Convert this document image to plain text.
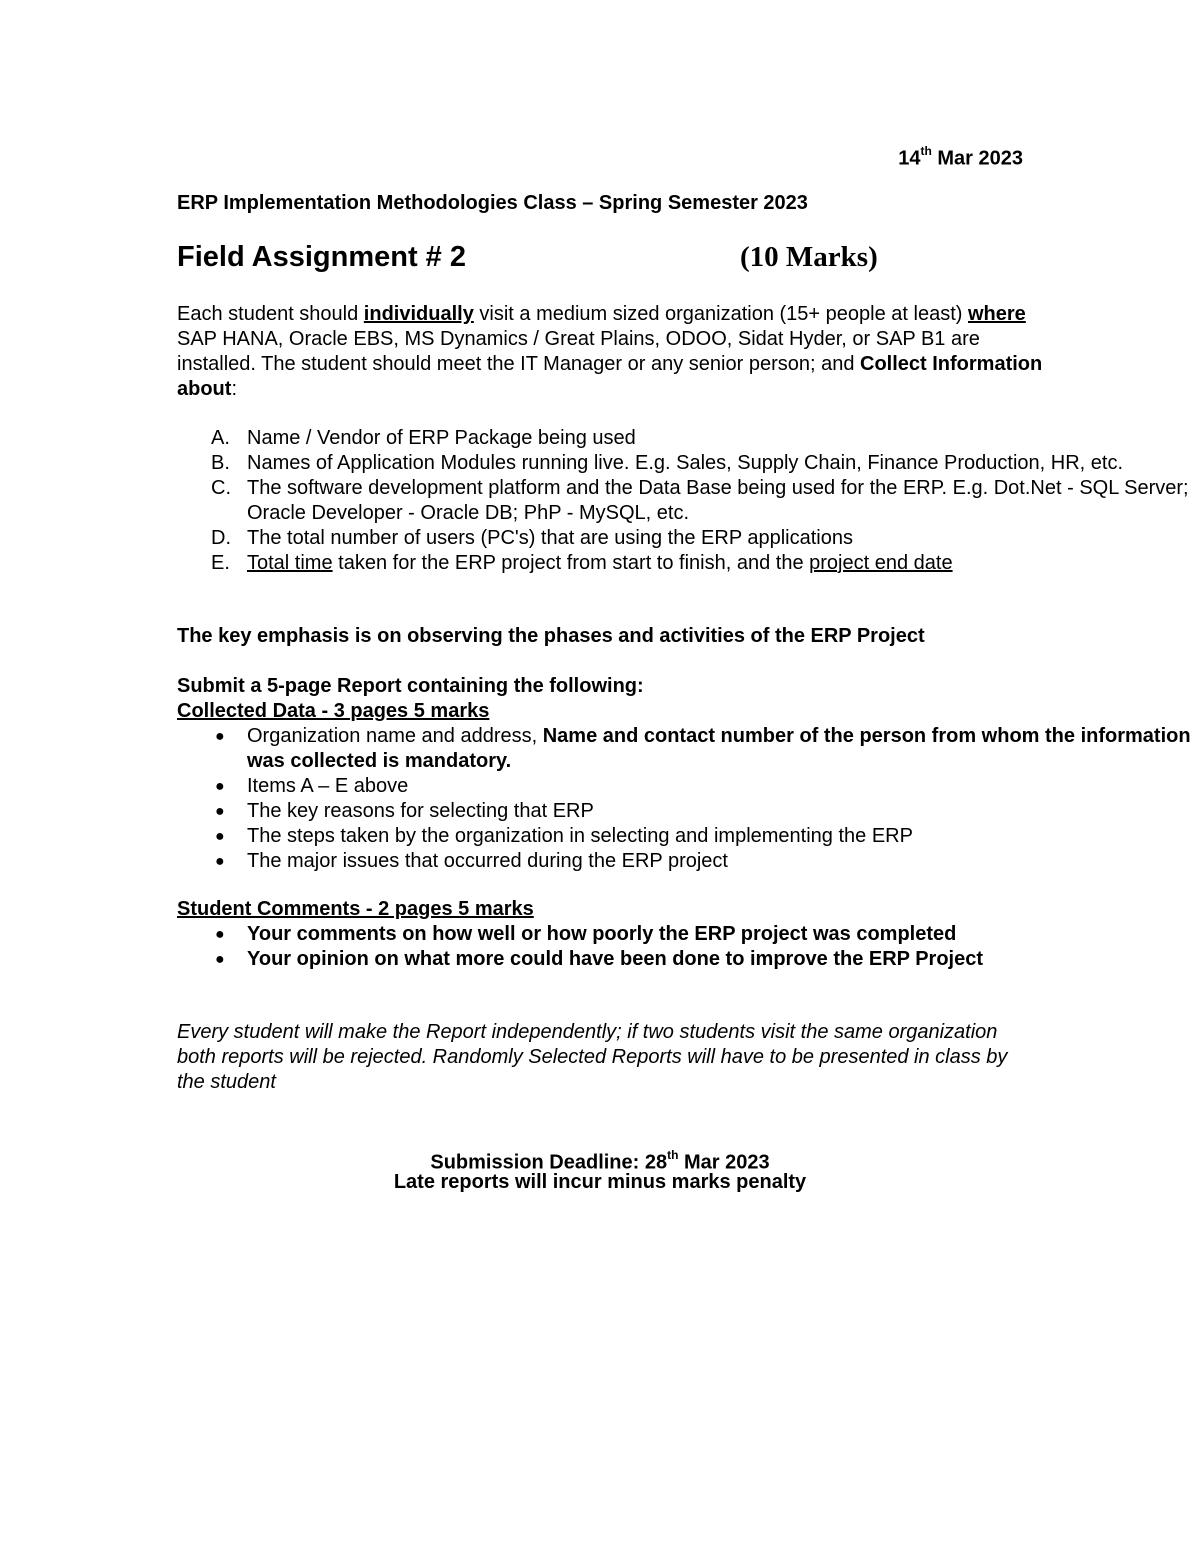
14th Mar 2023
ERP Implementation Methodologies Class – Spring Semester 2023
Field Assignment # 2	(10 Marks)

Each student should individually visit a medium sized organization (15+ people at least) where SAP HANA, Oracle EBS, MS Dynamics / Great Plains, ODOO, Sidat Hyder, or SAP B1 are installed. The student should meet the IT Manager or any senior person; and Collect Information about:

A. Name / Vendor of ERP Package being used
B. Names of Application Modules running live. E.g. Sales, Supply Chain, Finance Production, HR, etc.
C. The software development platform and the Data Base being used for the ERP. E.g. Dot.Net - SQL Server; Oracle Developer - Oracle DB; PhP - MySQL, etc.
D. The total number of users (PC's) that are using the ERP applications
E. Total time taken for the ERP project from start to finish, and the project end date
The key emphasis is on observing the phases and activities of the ERP Project
Submit a 5-page Report containing the following:
Collected Data - 3 pages 5 marks
● Organization name and address, Name and contact number of the person from whom the information was collected is mandatory.
● Items A – E above
● The key reasons for selecting that ERP
● The steps taken by the organization in selecting and implementing the ERP
● The major issues that occurred during the ERP project
Student Comments - 2 pages 5 marks
● Your comments on how well or how poorly the ERP project was completed
● Your opinion on what more could have been done to improve the ERP Project

Every student will make the Report independently; if two students visit the same organization both reports will be rejected. Randomly Selected Reports will have to be presented in class by the student

Submission Deadline: 28th Mar 2023
Late reports will incur minus marks penalty
